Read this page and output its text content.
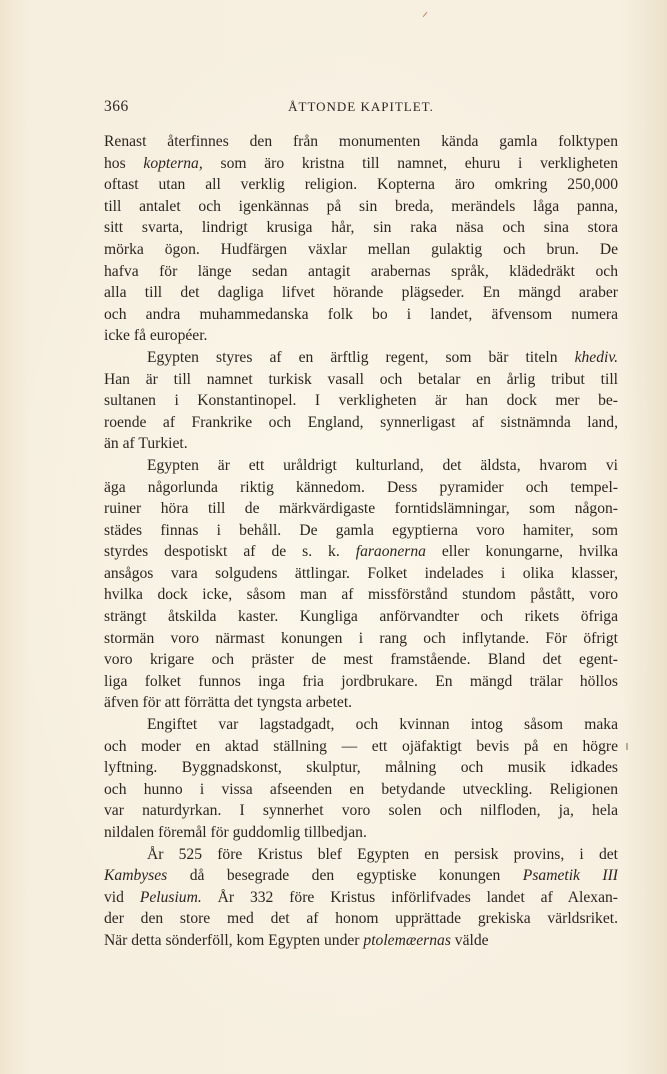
366	ÅTTONDE KAPITLET.
Renast återfinnes den från monumenten kända gamla folktypen
hos kopterna, som äro kristna till namnet, ehuru i verkligheten
oftast utan all verklig religion. Kopterna äro omkring 250,000
till antalet och igenkännas på sin breda, merändels låga panna,
sitt svarta, lindrigt krusiga hår, sin raka näsa och sina stora
mörka ögon. Hudfärgen växlar mellan gulaktig och brun. De
hafva för länge sedan antagit arabernas språk, klädedräkt och
alla till det dagliga lifvet hörande plägseder. En mängd araber
och andra muhammedanska folk bo i landet, äfvensom numera
icke få européer.
Egypten styres af en ärftlig regent, som bär titeln khediv.
Han är till namnet turkisk vasall och betalar en årlig tribut till
sultanen i Konstantinopel. I verkligheten är han dock mer be-
roende af Frankrike och England, synnerligast af sistnämnda land,
än af Turkiet.
Egypten är ett uråldrigt kulturland, det äldsta, hvarom vi
äga någorlunda riktig kännedom. Dess pyramider och tempel-
ruiner höra till de märkvärdigaste forntidslämningar, som någon-
städes finnas i behåll. De gamla egyptierna voro hamiter, som
styrdes despotiskt af de s. k. faraonerna eller konungarne, hvilka
ansågos vara solgudens ättlingar. Folket indelades i olika klasser,
hvilka dock icke, såsom man af missförstånd stundom påstått, voro
strängt åtskilda kaster. Kungliga anförvandter och rikets öfriga
stormän voro närmast konungen i rang och inflytande. För öfrigt
voro krigare och präster de mest framstående. Bland det egent-
liga folket funnos inga fria jordbrukare. En mängd trälar höllos
äfven för att förrätta det tyngsta arbetet.
Engiftet var lagstadgadt, och kvinnan intog såsom maka
och moder en aktad ställning — ett ojäfaktigt bevis på en högre
lyftning. Byggnadskonst, skulptur, målning och musik idkades
och hunno i vissa afseenden en betydande utveckling. Religionen
var naturdyrkan. I synnerhet voro solen och nilfloden, ja, hela
nildalen föremål för guddomlig tillbedjan.
År 525 före Kristus blef Egypten en persisk provins, i det
Kambyses då besegrade den egyptiske konungen Psametik III
vid Pelusium. År 332 före Kristus införlifvades landet af Alexan-
der den store med det af honom upprättade grekiska världsriket.
När detta sönderföll, kom Egypten under ptolemæernas välde
